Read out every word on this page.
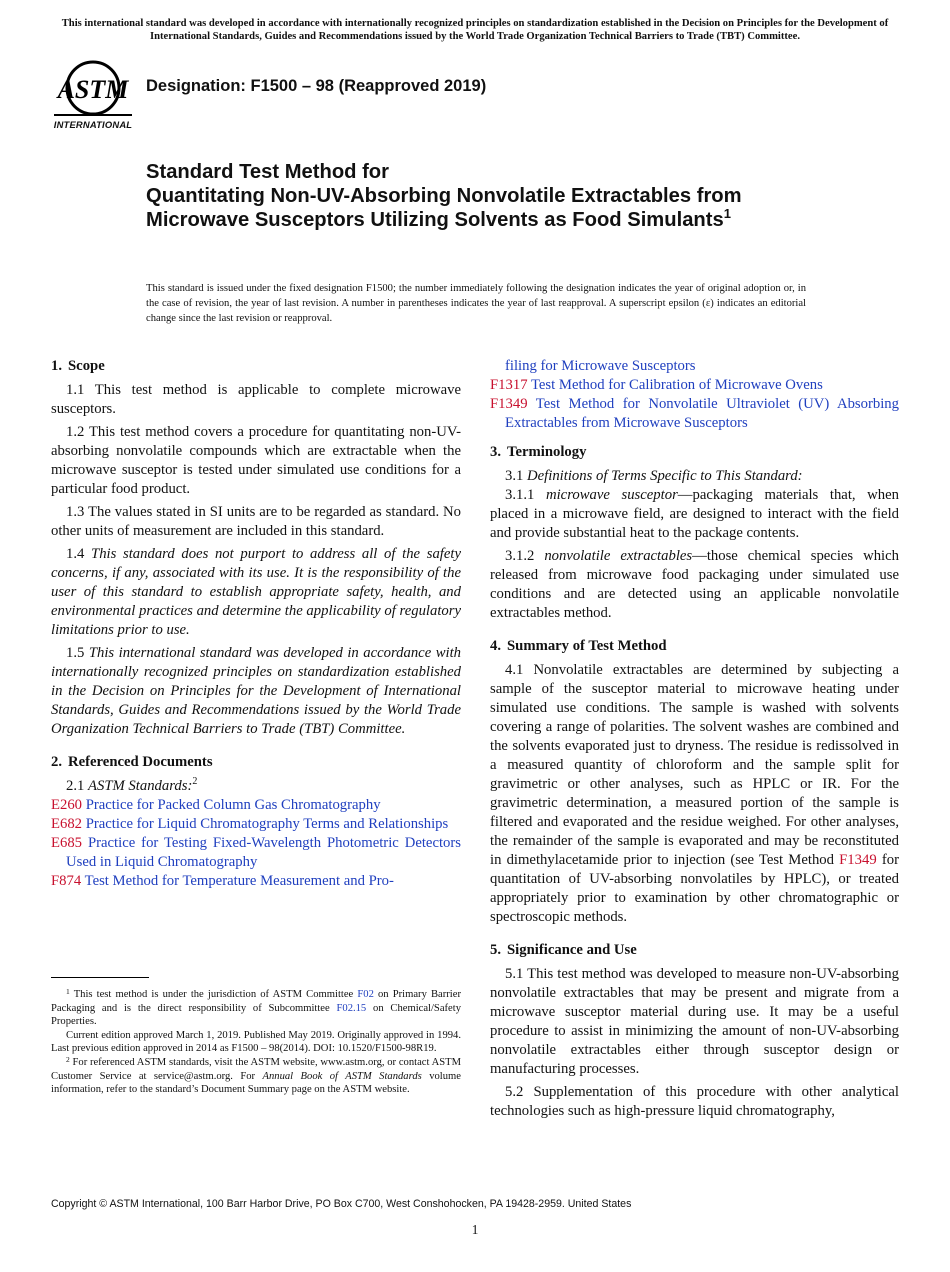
This international standard was developed in accordance with internationally recognized principles on standardization established in the Decision on Principles for the Development of International Standards, Guides and Recommendations issued by the World Trade Organization Technical Barriers to Trade (TBT) Committee.
ASTM
INTERNATIONAL
Designation: F1500 – 98 (Reapproved 2019)
Standard Test Method for
Quantitating Non-UV-Absorbing Nonvolatile Extractables from Microwave Susceptors Utilizing Solvents as Food Simulants$^1$
This standard is issued under the fixed designation F1500; the number immediately following the designation indicates the year of original adoption or, in the case of revision, the year of last revision. A number in parentheses indicates the year of last reapproval. A superscript epsilon (ε) indicates an editorial change since the last revision or reapproval.

1. Scope

1.1 This test method is applicable to complete microwave susceptors.

1.2 This test method covers a procedure for quantitating non-UV-absorbing nonvolatile compounds which are extractable when the microwave susceptor is tested under simulated use conditions for a particular food product.

1.3 The values stated in SI units are to be regarded as standard. No other units of measurement are included in this standard.

1.4 This standard does not purport to address all of the safety concerns, if any, associated with its use. It is the responsibility of the user of this standard to establish appropriate safety, health, and environmental practices and determine the applicability of regulatory limitations prior to use.

1.5 This international standard was developed in accordance with internationally recognized principles on standardization established in the Decision on Principles for the Development of International Standards, Guides and Recommendations issued by the World Trade Organization Technical Barriers to Trade (TBT) Committee.

2. Referenced Documents

2.1 ASTM Standards:$^2$

E260 Practice for Packed Column Gas Chromatography

E682 Practice for Liquid Chromatography Terms and Relationships

E685 Practice for Testing Fixed-Wavelength Photometric Detectors Used in Liquid Chromatography

F874 Test Method for Temperature Measurement and Pro-

$^1$ This test method is under the jurisdiction of ASTM Committee F02 on Primary Barrier Packaging and is the direct responsibility of Subcommittee F02.15 on Chemical/Safety Properties.

Current edition approved March 1, 2019. Published May 2019. Originally approved in 1994. Last previous edition approved in 2014 as F1500 – 98(2014). DOI: 10.1520/F1500-98R19.

$^2$ For referenced ASTM standards, visit the ASTM website, www.astm.org, or contact ASTM Customer Service at service@astm.org. For Annual Book of ASTM Standards volume information, refer to the standard’s Document Summary page on the ASTM website.

filing for Microwave Susceptors

F1317 Test Method for Calibration of Microwave Ovens

F1349 Test Method for Nonvolatile Ultraviolet (UV) Absorbing Extractables from Microwave Susceptors

3. Terminology

3.1 Definitions of Terms Specific to This Standard:

3.1.1 microwave susceptor—packaging materials that, when placed in a microwave field, are designed to interact with the field and provide substantial heat to the package contents.

3.1.2 nonvolatile extractables—those chemical species which released from microwave food packaging under simulated use conditions and are detected using an applicable nonvolatile extractables method.

4. Summary of Test Method

4.1 Nonvolatile extractables are determined by subjecting a sample of the susceptor material to microwave heating under simulated use conditions. The sample is washed with solvents covering a range of polarities. The solvent washes are combined and the solvents evaporated just to dryness. The residue is redissolved in a measured quantity of chloroform and the sample split for gravimetric or other analyses, such as HPLC or IR. For the gravimetric determination, a measured portion of the sample is filtered and evaporated and the residue weighed. For other analyses, the remainder of the sample is evaporated and may be reconstituted in dimethylacetamide prior to injection (see Test Method F1349 for quantitation of UV-absorbing nonvolatiles by HPLC), or treated appropriately prior to examination by other chromatographic or spectroscopic methods.

5. Significance and Use

5.1 This test method was developed to measure non-UV-absorbing nonvolatile extractables that may be present and migrate from a microwave susceptor material during use. It may be a useful procedure to assist in minimizing the amount of non-UV-absorbing nonvolatile extractables either through susceptor design or manufacturing processes.

5.2 Supplementation of this procedure with other analytical technologies such as high-pressure liquid chromatography,

Copyright © ASTM International, 100 Barr Harbor Drive, PO Box C700, West Conshohocken, PA 19428-2959. United States
1
